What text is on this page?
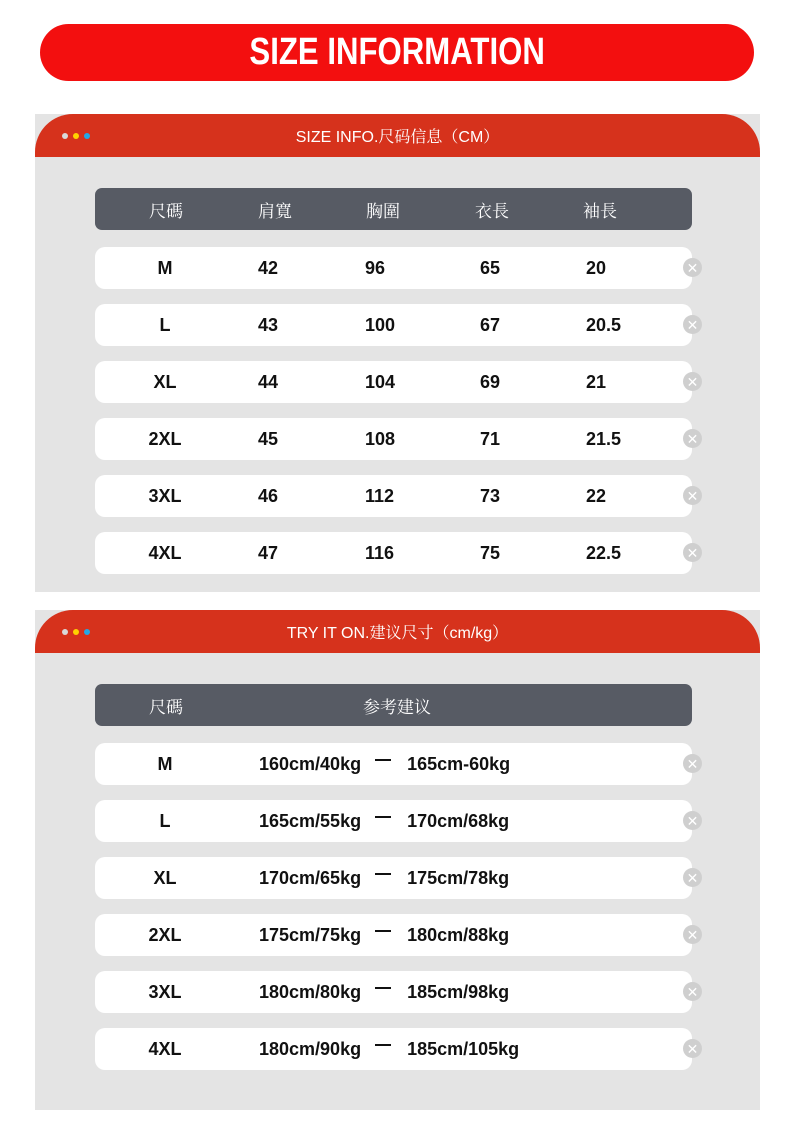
SIZE INFORMATION
SIZE INFO.尺码信息（CM）
尺碼	肩寬	胸圍	衣長	袖長
M	42	96	65	20	✕
L	43	100	67	20.5	✕
XL	44	104	69	21	✕
2XL	45	108	71	21.5	✕
3XL	46	112	73	22	✕
4XL	47	116	75	22.5	✕
TRY IT ON.建议尺寸（cm/kg）
尺碼	参考建议
M	160cm/40kg	165cm-60kg	✕
L	165cm/55kg	170cm/68kg	✕
XL	170cm/65kg	175cm/78kg	✕
2XL	175cm/75kg	180cm/88kg	✕
3XL	180cm/80kg	185cm/98kg	✕
4XL	180cm/90kg	185cm/105kg	✕
